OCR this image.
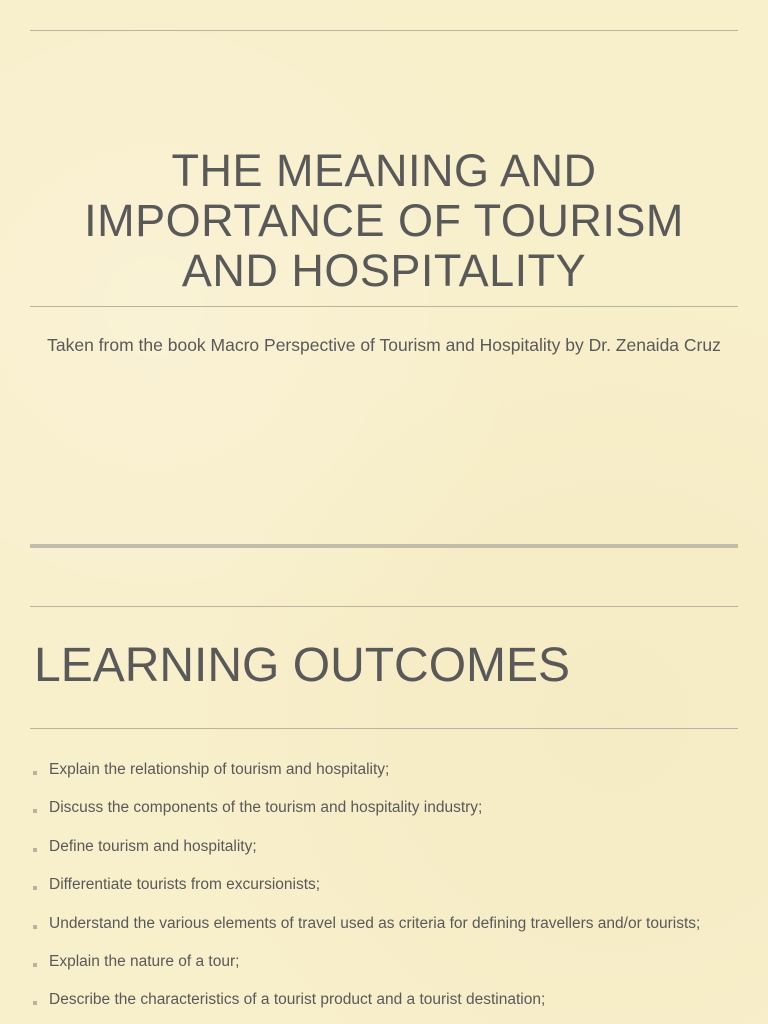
THE MEANING AND
IMPORTANCE OF TOURISM
AND HOSPITALITY

Taken from the book Macro Perspective of Tourism and Hospitality by Dr. Zenaida Cruz

LEARNING OUTCOMES
Explain the relationship of tourism and hospitality;
Discuss the components of the tourism and hospitality industry;
Define tourism and hospitality;
Differentiate tourists from excursionists;
Understand the various elements of travel used as criteria for defining travellers and/or tourists;
Explain the nature of a tour;
Describe the characteristics of a tourist product and a tourist destination;
